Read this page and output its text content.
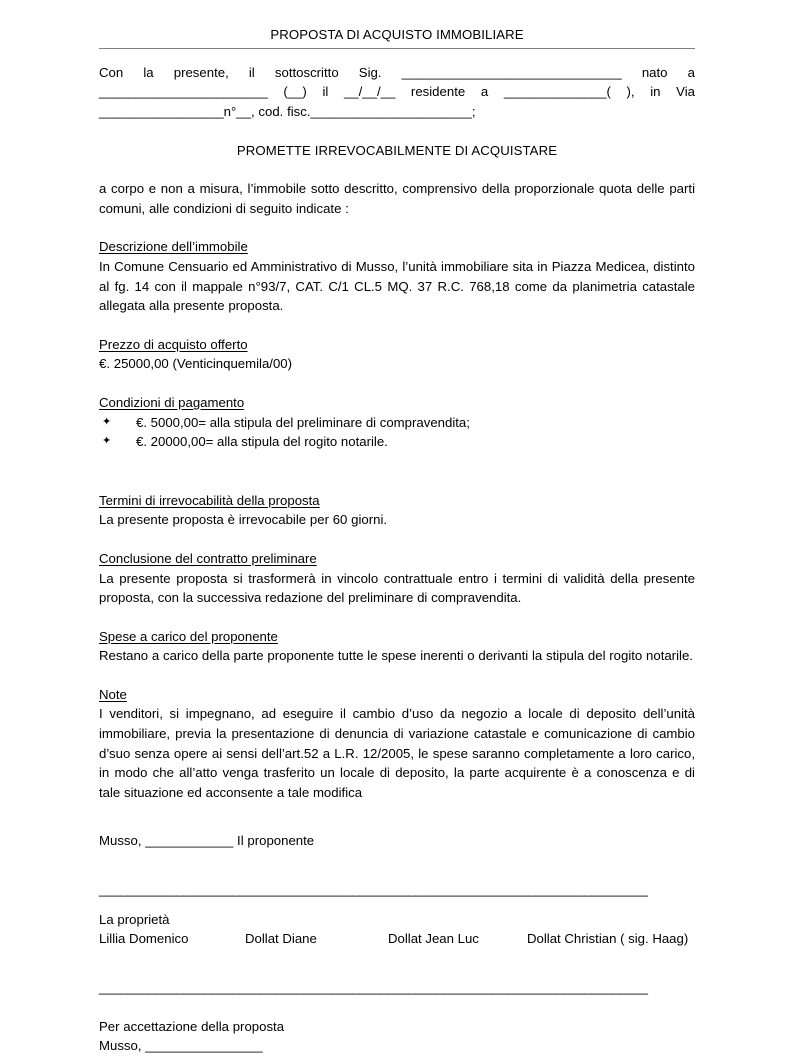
PROPOSTA DI ACQUISTO IMMOBILIARE
Con la presente, il sottoscritto Sig. ______________________________ nato a
_______________________ (__) il __/__/__ residente a ______________( ), in Via
_________________n°__, cod. fisc.______________________;
PROMETTE IRREVOCABILMENTE DI ACQUISTARE
a corpo e non a misura, l’immobile sotto descritto, comprensivo della proporzionale quota delle parti comuni, alle condizioni di seguito indicate :
Descrizione dell’immobile
In Comune Censuario ed Amministrativo di Musso, l’unità immobiliare sita in Piazza Medicea, distinto al fg. 14 con il mappale n°93/7, CAT. C/1 CL.5 MQ. 37 R.C. 768,18 come da planimetria catastale allegata alla presente proposta.
Prezzo di acquisto offerto
€. 25000,00 (Venticinquemila/00)
Condizioni di pagamento
✦ €. 5000,00= alla stipula del preliminare di compravendita;
✦ €. 20000,00= alla stipula del rogito notarile.
Termini di irrevocabilità della proposta
La presente proposta è irrevocabile per 60 giorni.
Conclusione del contratto preliminare
La presente proposta si trasformerà in vincolo contrattuale entro i termini di validità della presente proposta, con la successiva redazione del preliminare di compravendita.
Spese a carico del proponente
Restano a carico della parte proponente tutte le spese inerenti o derivanti la stipula del rogito notarile.
Note
I venditori, si impegnano, ad eseguire il cambio d’uso da negozio a locale di deposito dell’unità immobiliare, previa la presentazione di denuncia di variazione catastale e comunicazione di cambio d’suo senza opere ai sensi dell’art.52 a L.R. 12/2005, le spese saranno completamente a loro carico, in modo che all’atto venga trasferito un locale di deposito, la parte acquirente è a conoscenza e di tale situazione ed acconsente a tale modifica
Musso, ____________ Il proponente
______________________________________________________________________________
La proprietà
Lillia Domenico	Dollat Diane	Dollat Jean Luc	Dollat Christian ( sig. Haag)
______________________________________________________________________________
Per accettazione della proposta
Musso, ________________
